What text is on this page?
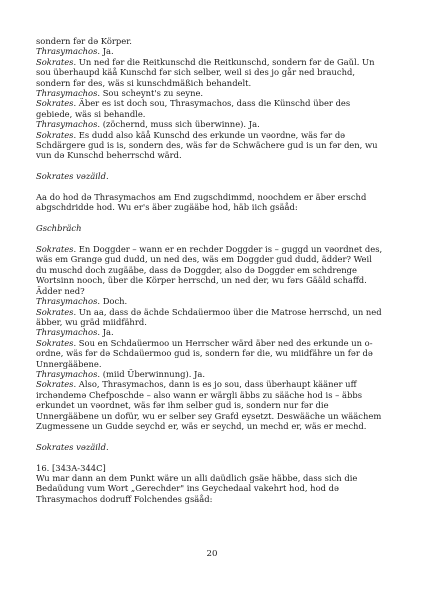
sondern fər də Körper.
Thrasymachos. Ja.
Sokrates. Un ned fər die Reitkunschd die Reitkunschd, sondern fər de Gaŭl. Un
sou überhaupd käå Kunschd fər sich selber, weil si des jo går ned brauchd,
sondern fər des, wäs si kunschdmäßich behandelt.
Thrasymachos. Sou scheynt's zu seyne.
Sokrates. Äber es ist doch sou, Thrasymachos, dass die Künschd über des
gebiede, wäs si behandle.
Thrasymachos. (zöchernd, muss sich überwinne). Ja.
Sokrates. Es dudd also käå Kunschd des erkunde un vəordne, wäs fər də
Schdärgere gud is is, sondern des, wäs fər də Schwächere gud is un fər den, wu
vun də Kunschd beherrschd wärd.
Sokrates vəzäild.
Aa do hod də Thrasymachos am End zugschdimmd, noochdem er äber erschd
abgschdridde hod. Wu er's äber zugääbe hod, häb iich gsäåd:
Gschbräch
Sokrates. En Doggder – wann er en rechder Doggder is – guggd un vəordnet des,
wäs em Grangə gud dudd, un ned des, wäs em Doggder gud dudd, ädder? Weil
du muschd doch zugääbe, dass də Doggder, also də Doggder em schdrenge
Wortsinn nooch, über die Körper herrschd, un ned der, wu fərs Gääld schaffd.
Ädder ned?
Thrasymachos. Doch.
Sokrates. Un aa, dass də ächde Schdaüermoo über die Matrose herrschd, un ned
äbber, wu gräd miidfährd.
Thrasymachos. Ja.
Sokrates. Sou en Schdaüermoo un Herrscher wärd äber ned des erkunde un o-
ordne, wäs fər də Schdaüermoo gud is, sondern fər die, wu miidfähre un fər də
Unnergääbene.
Thrasymachos. (miid Überwinnung). Ja.
Sokrates. Also, Thrasymachos, dann is es jo sou, dass überhaupt kääner uff
irchəndemə Chefposchde – also wann er wärgli äbbs zu sääche hod is – äbbs
erkundet un vəordnet, wäs fər ihm selber gud is, sondern nur fər die
Unnergääbene un dofür, wu er selber sey Grafd eysetzt. Deswääche un wäächem
Zugmessene un Gudde seychd er, wäs er seychd, un mechd er, wäs er mechd.
Sokrates vəzäild.
16. [343A-344C]
Wu mar dann an dem Punkt wäre un alli daüdlich gsäe häbbe, dass sich die
Bedaüdung vum Wort „Gerechder" ins Geychedaal vakehrt hod, hod də
Thrasymachos dodruff Folchendes gsäåd:
20
